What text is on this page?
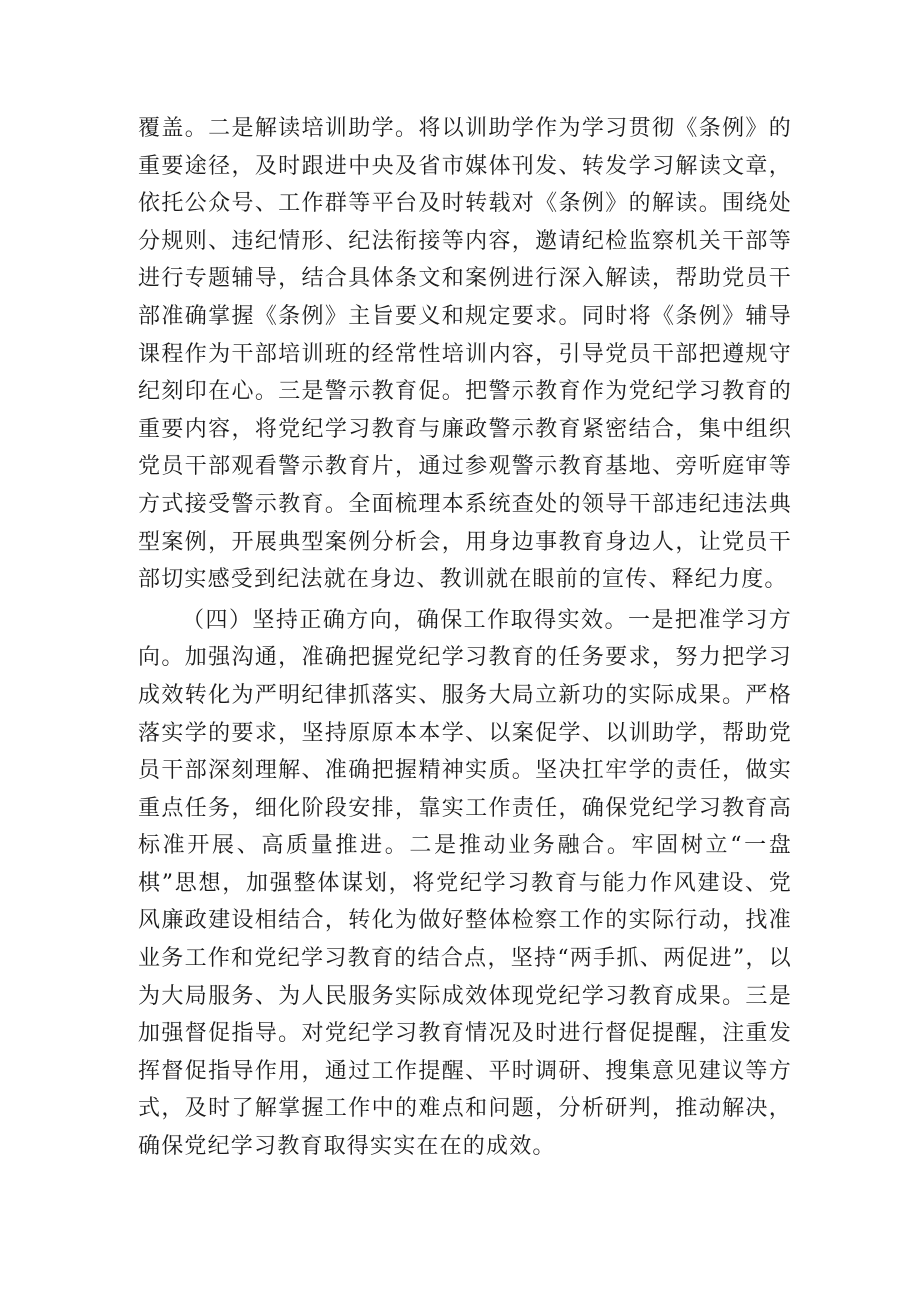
覆盖。二是解读培训助学。将以训助学作为学习贯彻《条例》的重要途径，及时跟进中央及省市媒体刊发、转发学习解读文章，依托公众号、工作群等平台及时转载对《条例》的解读。围绕处分规则、违纪情形、纪法衔接等内容，邀请纪检监察机关干部等进行专题辅导，结合具体条文和案例进行深入解读，帮助党员干部准确掌握《条例》主旨要义和规定要求。同时将《条例》辅导课程作为干部培训班的经常性培训内容，引导党员干部把遵规守纪刻印在心。三是警示教育促。把警示教育作为党纪学习教育的重要内容，将党纪学习教育与廉政警示教育紧密结合，集中组织党员干部观看警示教育片，通过参观警示教育基地、旁听庭审等方式接受警示教育。全面梳理本系统查处的领导干部违纪违法典型案例，开展典型案例分析会，用身边事教育身边人，让党员干部切实感受到纪法就在身边、教训就在眼前的宣传、释纪力度。

（四）坚持正确方向，确保工作取得实效。一是把准学习方向。加强沟通，准确把握党纪学习教育的任务要求，努力把学习成效转化为严明纪律抓落实、服务大局立新功的实际成果。严格落实学的要求，坚持原原本本学、以案促学、以训助学，帮助党员干部深刻理解、准确把握精神实质。坚决扛牢学的责任，做实重点任务，细化阶段安排，靠实工作责任，确保党纪学习教育高标准开展、高质量推进。二是推动业务融合。牢固树立“一盘棋”思想，加强整体谋划，将党纪学习教育与能力作风建设、党风廉政建设相结合，转化为做好整体检察工作的实际行动，找准业务工作和党纪学习教育的结合点，坚持“两手抓、两促进”，以为大局服务、为人民服务实际成效体现党纪学习教育成果。三是加强督促指导。对党纪学习教育情况及时进行督促提醒，注重发挥督促指导作用，通过工作提醒、平时调研、搜集意见建议等方式，及时了解掌握工作中的难点和问题，分析研判，推动解决，确保党纪学习教育取得实实在在的成效。
